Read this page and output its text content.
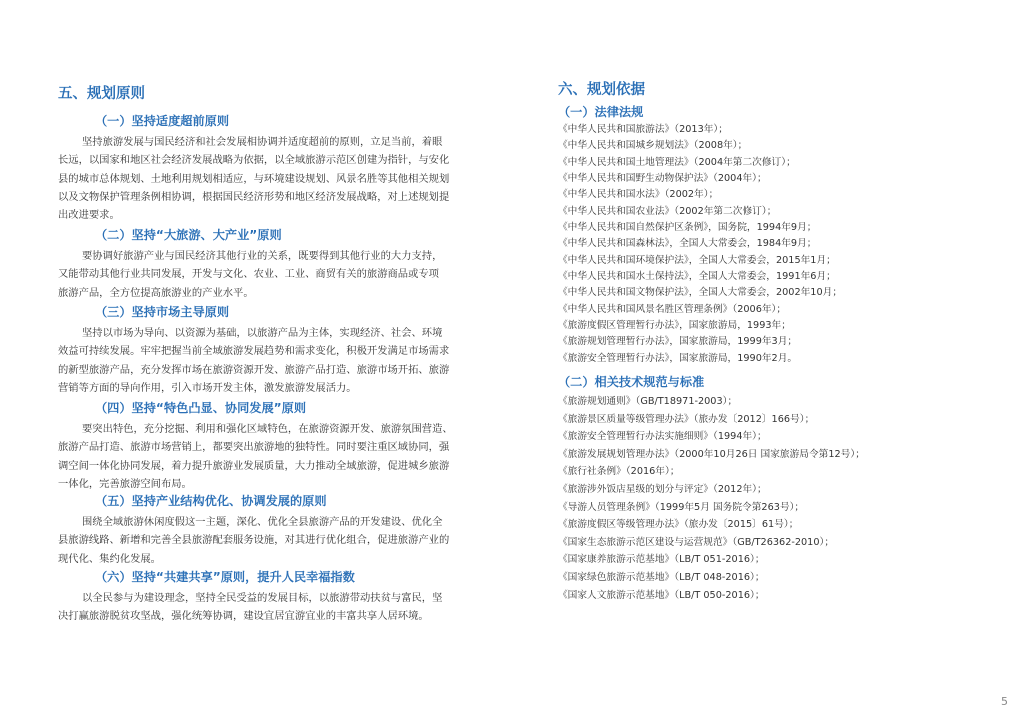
五、规划原则
（一）坚持适度超前原则

坚持旅游发展与国民经济和社会发展相协调并适度超前的原则，立足当前，着眼
长远，以国家和地区社会经济发展战略为依据，以全域旅游示范区创建为指针，与安化
县的城市总体规划、土地利用规划相适应，与环境建设规划、风景名胜等其他相关规划
以及文物保护管理条例相协调，根据国民经济形势和地区经济发展战略，对上述规划提
出改进要求。

（二）坚持“大旅游、大产业”原则

要协调好旅游产业与国民经济其他行业的关系，既要得到其他行业的大力支持，
又能带动其他行业共同发展，开发与文化、农业、工业、商贸有关的旅游商品或专项
旅游产品，全方位提高旅游业的产业水平。

（三）坚持市场主导原则

坚持以市场为导向、以资源为基础，以旅游产品为主体，实现经济、社会、环境
效益可持续发展。牢牢把握当前全域旅游发展趋势和需求变化，积极开发满足市场需求
的新型旅游产品，充分发挥市场在旅游资源开发、旅游产品打造、旅游市场开拓、旅游
营销等方面的导向作用，引入市场开发主体，激发旅游发展活力。

（四）坚持“特色凸显、协同发展”原则

要突出特色，充分挖掘、利用和强化区域特色，在旅游资源开发、旅游氛围营造、
旅游产品打造、旅游市场营销上，都要突出旅游地的独特性。同时要注重区域协同，强
调空间一体化协同发展，着力提升旅游业发展质量，大力推动全域旅游，促进城乡旅游
一体化，完善旅游空间布局。

（五）坚持产业结构优化、协调发展的原则

围绕全域旅游休闲度假这一主题，深化、优化全县旅游产品的开发建设、优化全
县旅游线路、新增和完善全县旅游配套服务设施，对其进行优化组合，促进旅游产业的
现代化、集约化发展。

（六）坚持“共建共享”原则，提升人民幸福指数

以全民参与为建设理念，坚持全民受益的发展目标，以旅游带动扶贫与富民，坚
决打赢旅游脱贫攻坚战，强化统筹协调，建设宜居宜游宜业的丰富共享人居环境。

六、规划依据
（一）法律法规
《中华人民共和国旅游法》（2013年）；
《中华人民共和国城乡规划法》（2008年）；
《中华人民共和国土地管理法》（2004年第二次修订）；
《中华人民共和国野生动物保护法》（2004年）；
《中华人民共和国水法》（2002年）；
《中华人民共和国农业法》（2002年第二次修订）；
《中华人民共和国自然保护区条例》，国务院，1994年9月；
《中华人民共和国森林法》，全国人大常委会，1984年9月；
《中华人民共和国环境保护法》，全国人大常委会，2015年1月；
《中华人民共和国水土保持法》，全国人大常委会，1991年6月；
《中华人民共和国文物保护法》，全国人大常委会，2002年10月；
《中华人民共和国风景名胜区管理条例》（2006年）；
《旅游度假区管理暂行办法》，国家旅游局，1993年；
《旅游规划管理暂行办法》，国家旅游局，1999年3月；
《旅游安全管理暂行办法》，国家旅游局，1990年2月。
（二）相关技术规范与标准
《旅游规划通则》（GB/T18971-2003）；
《旅游景区质量等级管理办法》（旅办发〔2012〕166号）；
《旅游安全管理暂行办法实施细则》（1994年）；
《旅游发展规划管理办法》（2000年10月26日 国家旅游局令第12号）；
《旅行社条例》（2016年）；
《旅游涉外饭店星级的划分与评定》（2012年）；
《导游人员管理条例》（1999年5月 国务院令第263号）；
《旅游度假区等级管理办法》（旅办发〔2015〕61号）；
《国家生态旅游示范区建设与运营规范》（GB/T26362-2010）；
《国家康养旅游示范基地》（LB/T 051-2016）；
《国家绿色旅游示范基地》（LB/T 048-2016）；
《国家人文旅游示范基地》（LB/T 050-2016）；
5
